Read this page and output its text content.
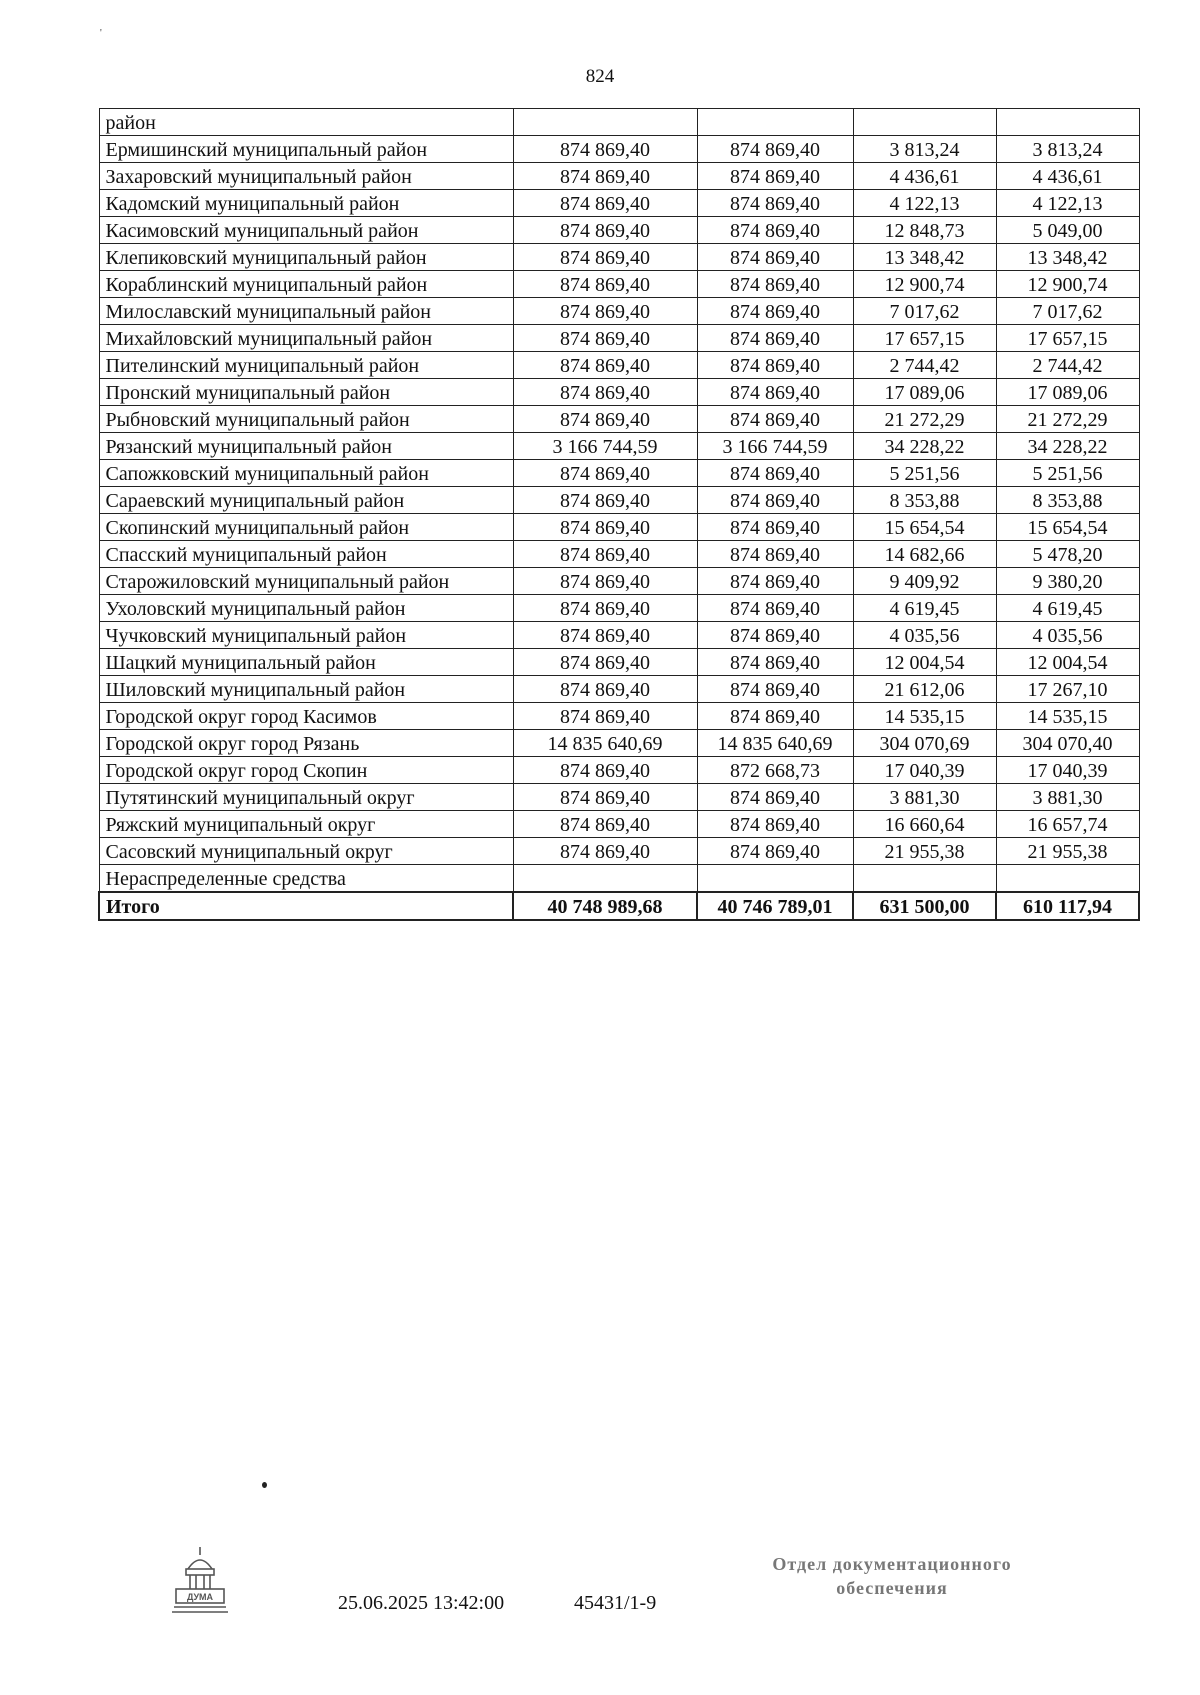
'
824
район				
Ермишинский муниципальный район	874 869,40	874 869,40	3 813,24	3 813,24
Захаровский муниципальный район	874 869,40	874 869,40	4 436,61	4 436,61
Кадомский муниципальный район	874 869,40	874 869,40	4 122,13	4 122,13
Касимовский муниципальный район	874 869,40	874 869,40	12 848,73	5 049,00
Клепиковский муниципальный район	874 869,40	874 869,40	13 348,42	13 348,42
Кораблинский муниципальный район	874 869,40	874 869,40	12 900,74	12 900,74
Милославский муниципальный район	874 869,40	874 869,40	7 017,62	7 017,62
Михайловский муниципальный район	874 869,40	874 869,40	17 657,15	17 657,15
Пителинский муниципальный район	874 869,40	874 869,40	2 744,42	2 744,42
Пронский муниципальный район	874 869,40	874 869,40	17 089,06	17 089,06
Рыбновский муниципальный район	874 869,40	874 869,40	21 272,29	21 272,29
Рязанский муниципальный район	3 166 744,59	3 166 744,59	34 228,22	34 228,22
Сапожковский муниципальный район	874 869,40	874 869,40	5 251,56	5 251,56
Сараевский муниципальный район	874 869,40	874 869,40	8 353,88	8 353,88
Скопинский муниципальный район	874 869,40	874 869,40	15 654,54	15 654,54
Спасский муниципальный район	874 869,40	874 869,40	14 682,66	5 478,20
Старожиловский муниципальный район	874 869,40	874 869,40	9 409,92	9 380,20
Ухоловский муниципальный район	874 869,40	874 869,40	4 619,45	4 619,45
Чучковский муниципальный район	874 869,40	874 869,40	4 035,56	4 035,56
Шацкий муниципальный район	874 869,40	874 869,40	12 004,54	12 004,54
Шиловский муниципальный район	874 869,40	874 869,40	21 612,06	17 267,10
Городской округ город Касимов	874 869,40	874 869,40	14 535,15	14 535,15
Городской округ город Рязань	14 835 640,69	14 835 640,69	304 070,69	304 070,40
Городской округ город Скопин	874 869,40	872 668,73	17 040,39	17 040,39
Путятинский муниципальный округ	874 869,40	874 869,40	3 881,30	3 881,30
Ряжский муниципальный округ	874 869,40	874 869,40	16 660,64	16 657,74
Сасовский муниципальный округ	874 869,40	874 869,40	21 955,38	21 955,38
Нераспределенные средства				
Итого	40 748 989,68	40 746 789,01	631 500,00	610 117,94
ДУМА	25.06.2025 13:42:00	45431/1-9
Отдел документационного обеспечения
